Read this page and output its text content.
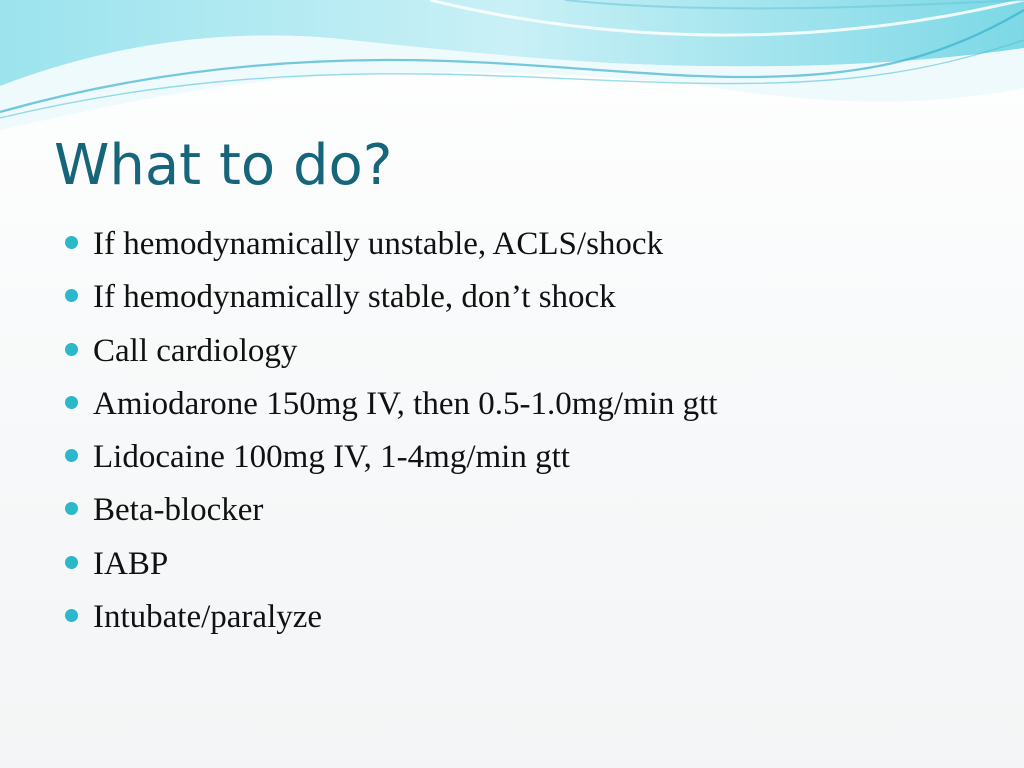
What to do?
If hemodynamically unstable, ACLS/shock
If hemodynamically stable, don’t shock
Call cardiology
Amiodarone 150mg IV, then 0.5-1.0mg/min gtt
Lidocaine 100mg IV, 1-4mg/min gtt
Beta-blocker
IABP
Intubate/paralyze
